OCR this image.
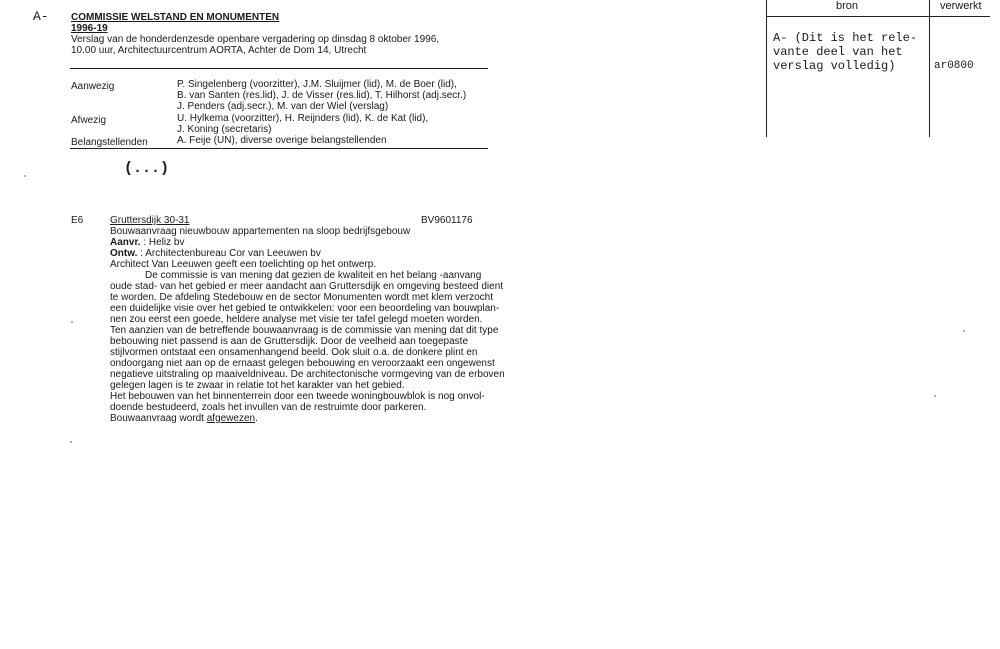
A- COMMISSIE WELSTAND EN MONUMENTEN
1996-19
Verslag van de honderdenzesde openbare vergadering op dinsdag 8 oktober 1996,
10.00 uur, Architectuurcentrum AORTA, Achter de Dom 14, Utrecht
Aanwezig	P. Singelenberg (voorzitter), J.M. Sluijmer (lid), M. de Boer (lid),
B. van Santen (res.lid), J. de Visser (res.lid), T. Hilhorst (adj.secr.)
J. Penders (adj.secr.), M. van der Wiel (verslag)
Afwezig	U. Hylkema (voorzitter), H. Reijnders (lid), K. de Kat (lid),
J. Koning (secretaris)
Belangstellenden	A. Feije (UN), diverse overige belangstellenden
(...)
bron	verwerkt
A- (Dit is het rele-
vante deel van het
verslag volledig)	ar0800
E6	Gruttersdijk 30-31	BV9601176
Bouwaanvraag nieuwbouw appartementen na sloop bedrijfsgebouw
Aanvr. : Heliz bv
Ontw. : Architectenbureau Cor van Leeuwen bv
Architect Van Leeuwen geeft een toelichting op het ontwerp.
De commissie is van mening dat gezien de kwaliteit en het belang -aanvang
oude stad- van het gebied er meer aandacht aan Gruttersdijk en omgeving besteed dient
te worden. De afdeling Stedebouw en de sector Monumenten wordt met klem verzocht
een duidelijke visie over het gebied te ontwikkelen: voor een beoordeling van bouwplan-
nen zou eerst een goede, heldere analyse met visie ter tafel gelegd moeten worden.
Ten aanzien van de betreffende bouwaanvraag is de commissie van mening dat dit type
bebouwing niet passend is aan de Gruttersdijk. Door de veelheid aan toegepaste
stijlvormen ontstaat een onsamenhangend beeld. Ook sluit o.a. de donkere plint en
ondoorgang niet aan op de ernaast gelegen bebouwing en veroorzaakt een ongewenst
negatieve uitstraling op maaiveldniveau. De architectonische vormgeving van de erboven
gelegen lagen is te zwaar in relatie tot het karakter van het gebied.
Het bebouwen van het binnenterrein door een tweede woningbouwblok is nog onvol-
doende bestudeerd, zoals het invullen van de restruimte door parkeren.
Bouwaanvraag wordt afgewezen.
